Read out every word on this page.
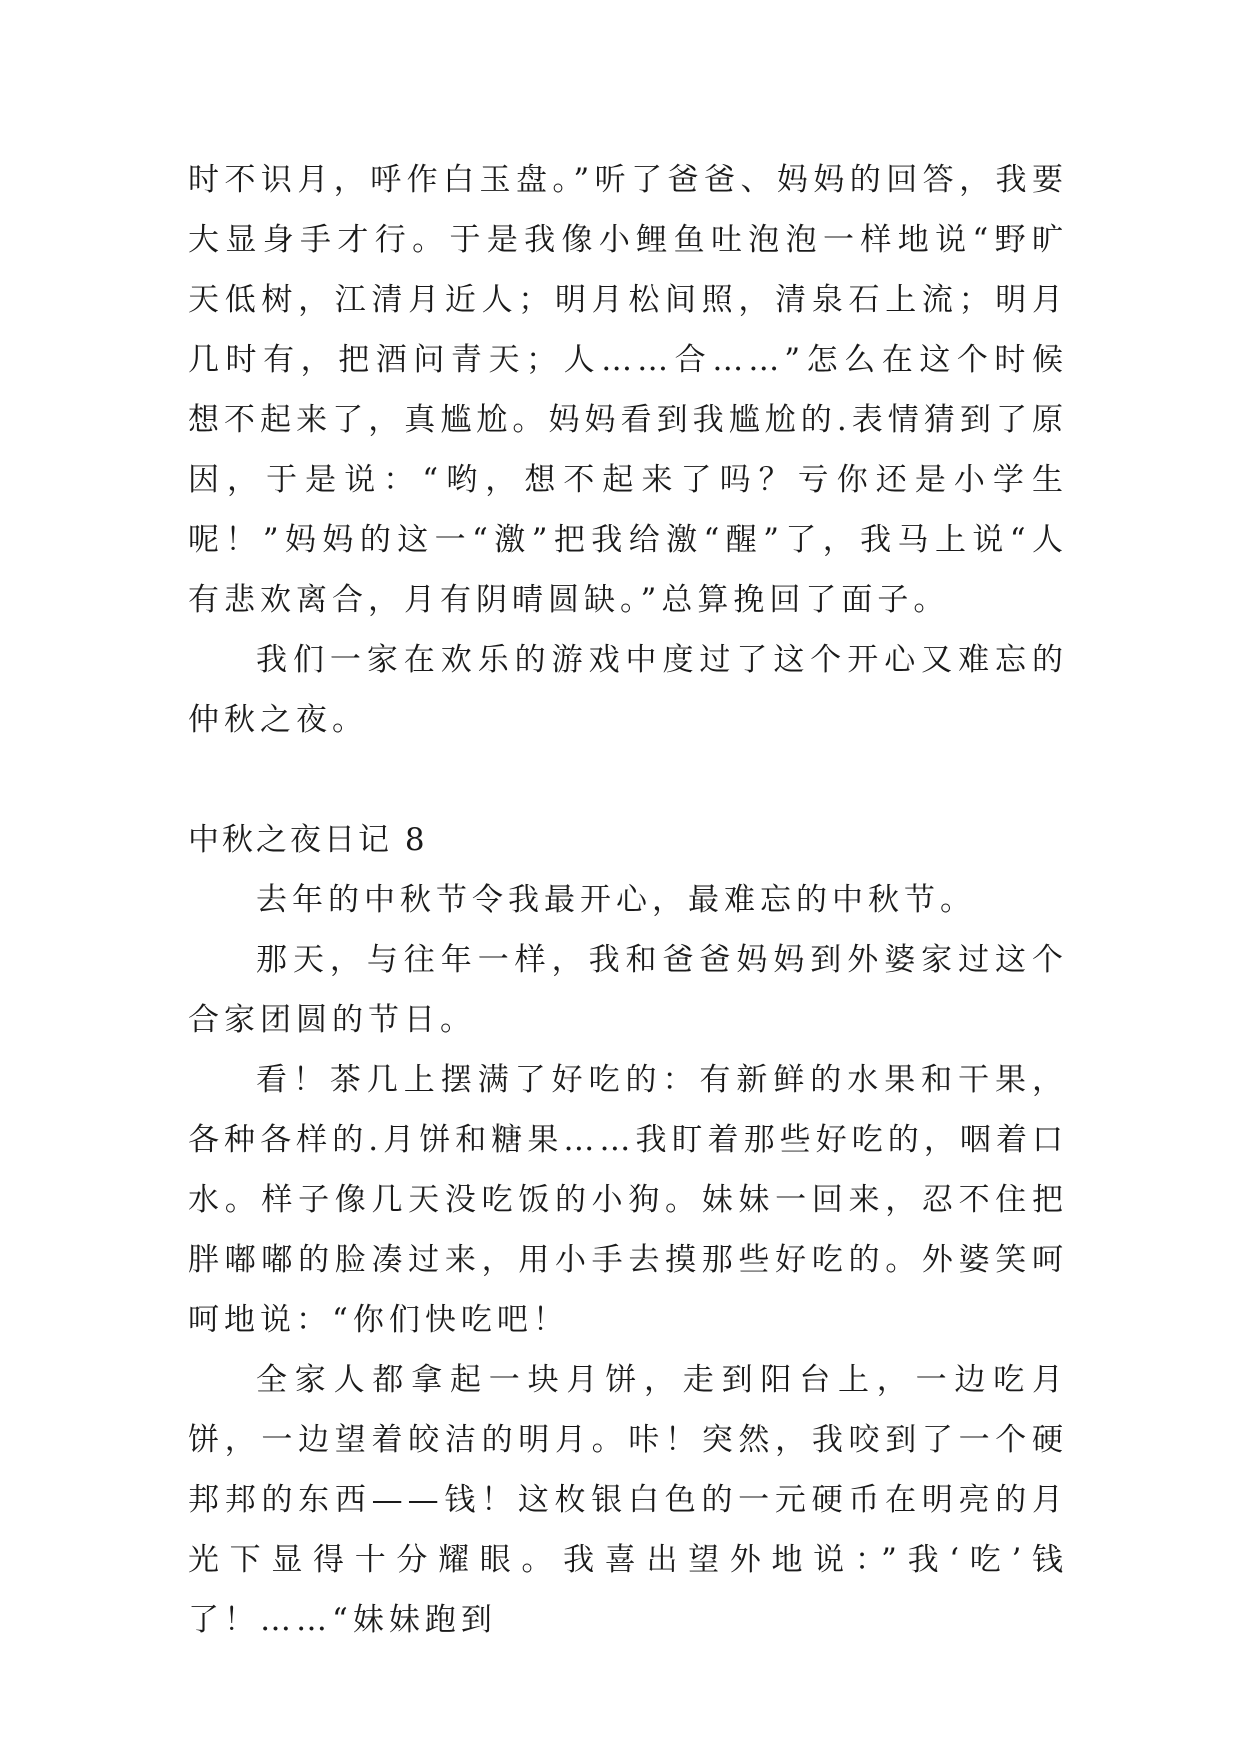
时不识月，呼作白玉盘。”听了爸爸、妈妈的回答，我要大显身手才行。于是我像小鲤鱼吐泡泡一样地说“野旷天低树，江清月近人；明月松间照，清泉石上流；明月几时有，把酒问青天；人……合……”怎么在这个时候想不起来了，真尴尬。妈妈看到我尴尬的.表情猜到了原因，于是说：“哟，想不起来了吗？亏你还是小学生呢！”妈妈的这一“激”把我给激“醒”了，我马上说“人有悲欢离合，月有阴晴圆缺。”总算挽回了面子。

我们一家在欢乐的游戏中度过了这个开心又难忘的仲秋之夜。

中秋之夜日记 8

去年的中秋节令我最开心，最难忘的中秋节。

那天，与往年一样，我和爸爸妈妈到外婆家过这个合家团圆的节日。

看！茶几上摆满了好吃的：有新鲜的水果和干果，各种各样的.月饼和糖果……我盯着那些好吃的，咽着口水。样子像几天没吃饭的小狗。妹妹一回来，忍不住把胖嘟嘟的脸凑过来，用小手去摸那些好吃的。外婆笑呵呵地说：“你们快吃吧！

全家人都拿起一块月饼，走到阳台上，一边吃月饼，一边望着皎洁的明月。咔！突然，我咬到了一个硬邦邦的东西——钱！这枚银白色的一元硬币在明亮的月光下显得十分耀眼。我喜出望外地说：”我‘吃’钱了！……“妹妹跑到
